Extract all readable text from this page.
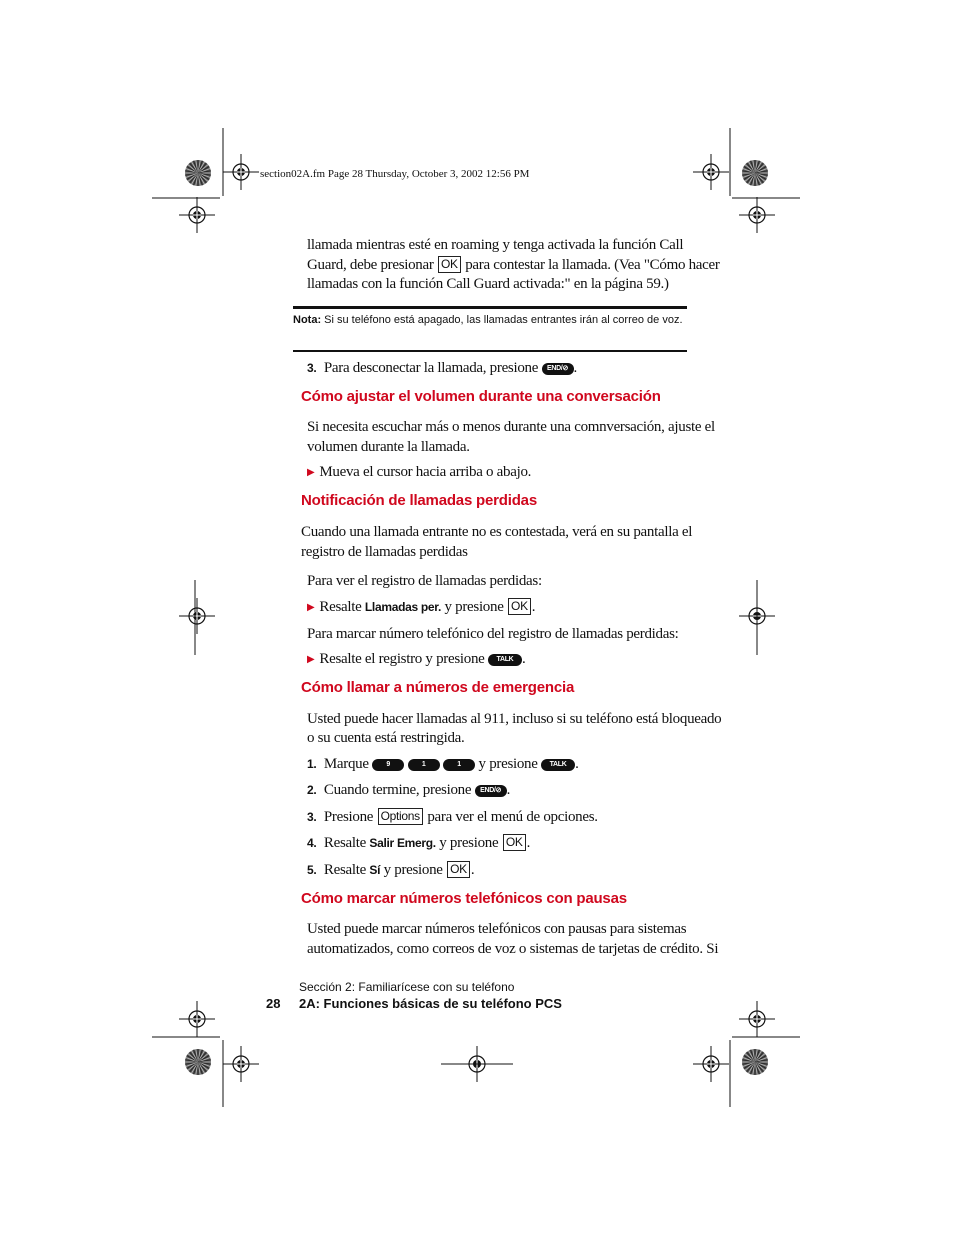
section02A.fm Page 28 Thursday, October 3, 2002 12:56 PM
llamada mientras esté en roaming y tenga activada la función Call
Guard, debe presionar OK para contestar la llamada. (Vea "Cómo hacer
llamadas con la función Call Guard activada:" en la página 59.)
Nota: Si su teléfono está apagado, las llamadas entrantes irán al correo de voz.
3. Para desconectar la llamada, presione END/⊘ .
Cómo ajustar el volumen durante una conversación
Si necesita escuchar más o menos durante una comnversación, ajuste el
volumen durante la llamada.
▶ Mueva el cursor hacia arriba o abajo.
Notificación de llamadas perdidas
Cuando una llamada entrante no es contestada, verá en su pantalla el
registro de llamadas perdidas
Para ver el registro de llamadas perdidas:
▶ Resalte Llamadas per. y presione OK .
Para marcar número telefónico del registro de llamadas perdidas:
▶ Resalte el registro y presione TALK .
Cómo llamar a números de emergencia
Usted puede hacer llamadas al 911, incluso si su teléfono está bloqueado
o su cuenta está restringida.
1. Marque	9	1	1 y presione TALK .
2. Cuando termine, presione END/⊘ .
3. Presione Options para ver el menú de opciones.
4. Resalte Salir Emerg. y presione OK .
5. Resalte Sí y presione OK .
Cómo marcar números telefónicos con pausas
Usted puede marcar números telefónicos con pausas para sistemas
automatizados, como correos de voz o sistemas de tarjetas de crédito. Si
Sección 2: Familiarícese con su teléfono
28 2A: Funciones básicas de su teléfono PCS
